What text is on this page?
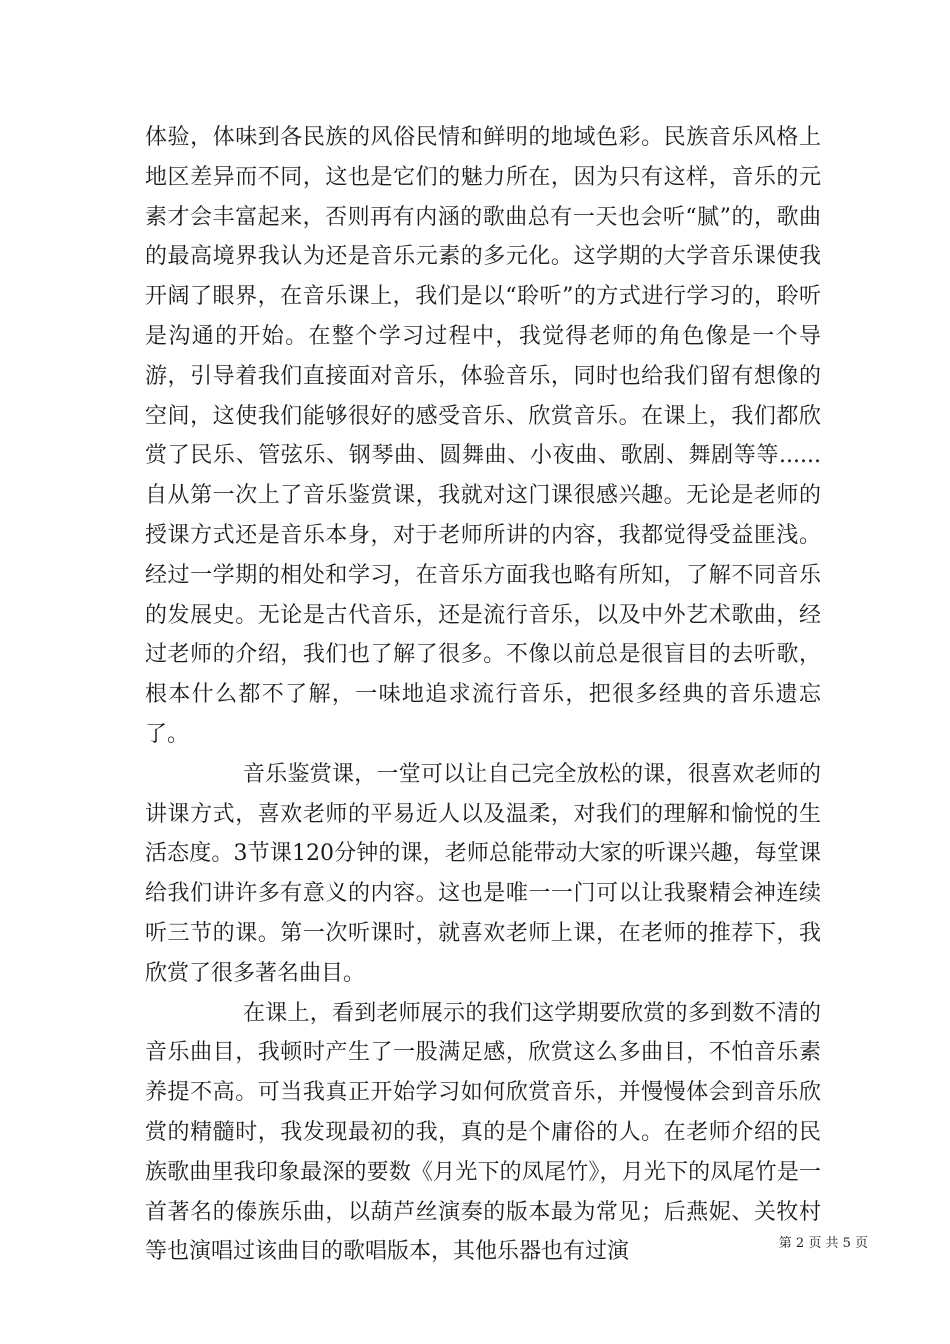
体验，体味到各民族的风俗民情和鲜明的地域色彩。民族音乐风格上地区差异而不同，这也是它们的魅力所在，因为只有这样，音乐的元素才会丰富起来，否则再有内涵的歌曲总有一天也会听“腻”的，歌曲的最高境界我认为还是音乐元素的多元化。这学期的大学音乐课使我开阔了眼界，在音乐课上，我们是以“聆听”的方式进行学习的，聆听是沟通的开始。在整个学习过程中，我觉得老师的角色像是一个导游，引导着我们直接面对音乐，体验音乐，同时也给我们留有想像的空间，这使我们能够很好的感受音乐、欣赏音乐。在课上，我们都欣赏了民乐、管弦乐、钢琴曲、圆舞曲、小夜曲、歌剧、舞剧等等......自从第一次上了音乐鉴赏课，我就对这门课很感兴趣。无论是老师的授课方式还是音乐本身，对于老师所讲的内容，我都觉得受益匪浅。经过一学期的相处和学习，在音乐方面我也略有所知，了解不同音乐的发展史。无论是古代音乐，还是流行音乐，以及中外艺术歌曲，经过老师的介绍，我们也了解了很多。不像以前总是很盲目的去听歌，根本什么都不了解，一味地追求流行音乐，把很多经典的音乐遗忘了。

音乐鉴赏课，一堂可以让自己完全放松的课，很喜欢老师的讲课方式，喜欢老师的平易近人以及温柔，对我们的理解和愉悦的生活态度。3节课120分钟的课，老师总能带动大家的听课兴趣，每堂课给我们讲许多有意义的内容。这也是唯一一门可以让我聚精会神连续听三节的课。第一次听课时，就喜欢老师上课，在老师的推荐下，我欣赏了很多著名曲目。

在课上，看到老师展示的我们这学期要欣赏的多到数不清的音乐曲目，我顿时产生了一股满足感，欣赏这么多曲目，不怕音乐素养提不高。可当我真正开始学习如何欣赏音乐，并慢慢体会到音乐欣赏的精髓时，我发现最初的我，真的是个庸俗的人。在老师介绍的民族歌曲里我印象最深的要数《月光下的凤尾竹》，月光下的凤尾竹是一首著名的傣族乐曲，以葫芦丝演奏的版本最为常见；后燕妮、关牧村等也演唱过该曲目的歌唱版本，其他乐器也有过演	第 2 页 共 5 页
